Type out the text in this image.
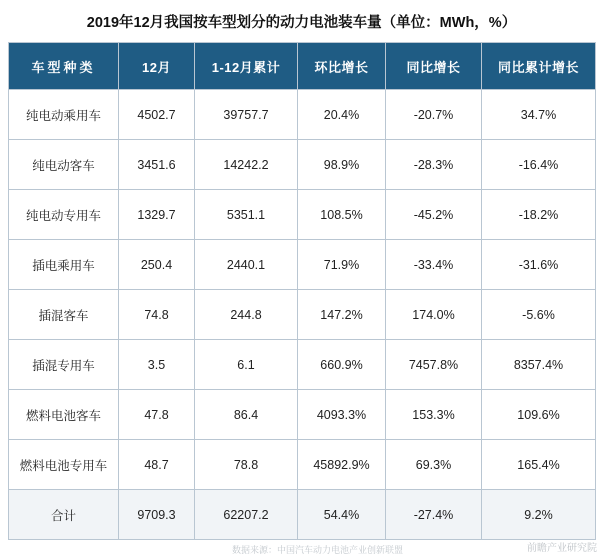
2019年12月我国按车型划分的动力电池装车量（单位：MWh，%）
车型种类	12月	1-12月累计	环比增长	同比增长	同比累计增长
纯电动乘用车	4502.7	39757.7	20.4%	-20.7%	34.7%
纯电动客车	3451.6	14242.2	98.9%	-28.3%	-16.4%
纯电动专用车	1329.7	5351.1	108.5%	-45.2%	-18.2%
插电乘用车	250.4	2440.1	71.9%	-33.4%	-31.6%
插混客车	74.8	244.8	147.2%	174.0%	-5.6%
插混专用车	3.5	6.1	660.9%	7457.8%	8357.4%
燃料电池客车	47.8	86.4	4093.3%	153.3%	109.6%
燃料电池专用车	48.7	78.8	45892.9%	69.3%	165.4%
合计	9709.3	62207.2	54.4%	-27.4%	9.2%
数据来源：中国汽车动力电池产业创新联盟	前瞻产业研究院
